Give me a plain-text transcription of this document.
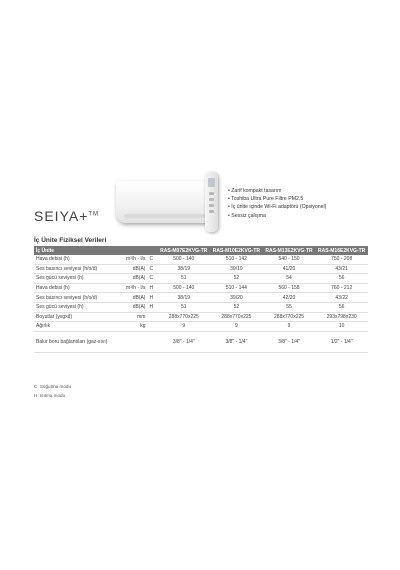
SEIYA+™
• Zarif kompakt tasarım
• Toshiba Ultra Pure Filtre PM2.5
• İç ünite içinde Wi-Fi adaptörü (Opsiyonel)
• Sessiz çalışma
İç Ünite Fiziksel Verileri
İç Ünite			RAS-M07E2KVG-TR	RAS-M10E2KVG-TR	RAS-M13E2KVG-TR	RAS-M16E2KVG-TR
Hava debisi (h)	m³/h - l/s	C	500 - 140	510 - 142	540 - 150	750 - 208
Ses basıncı seviyesi (h/o/d)	dB(A)	C	38/19	39/19	41/20	43/21
Ses gücü seviyesi (h)	dB(A)	C	51	52	54	56
Hava debisi (h)	m³/h - l/s	H	500 - 140	510 - 144	560 - 158	760 - 212
Ses basıncı seviyesi (h/o/d)	dB(A)	H	38/19	39/20	42/20	43/22
Ses gücü seviyesi (h)	dB(A)	H	51	52	55	56
Boyutlar (yxgxd)	mm		288x770x225	288x770x225	288x770x225	293x798x230
Ağırlık	kg		9	9	9	10
Bakır boru bağlantıları (gaz-sıvı)			3/8" - 1/4"	3/8" - 1/4"	3/8" - 1/4"	1/2" - 1/4"
C: Soğutma modu
H: Isıtma modu
